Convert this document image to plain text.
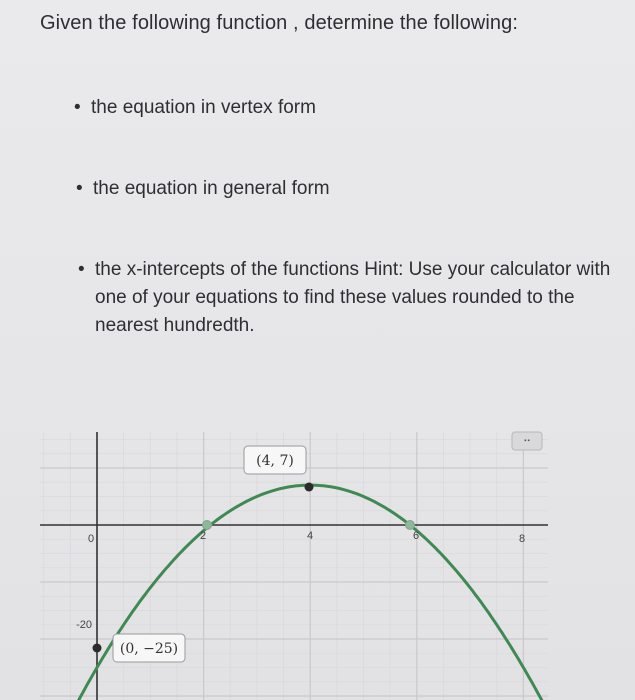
Given the following function , determine the following:
• the equation in vertex form
• the equation in general form
• the x-intercepts of the functions Hint: Use your calculator with one of your equations to find these values rounded to the nearest hundredth.
0	2	4	6	8
-20
(4, 7)
(0, −25)
⠒
